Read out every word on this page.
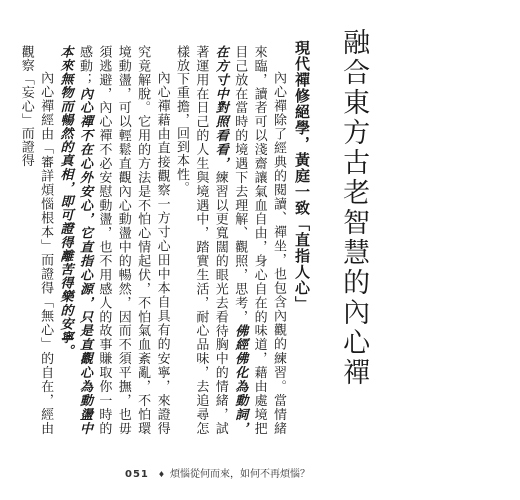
融合東方古老智慧的內心禪
現代禪修絕學，黃庭一致「直指人心」

內心禪除了經典的閱讀、禪坐，也包含內觀的練習。當情緒來臨，讀者可以淺齋讓氣血自由，身心自在的味道，藉由處境把目己放在當時的境遇下去理解、觀照，思考，佛經佛化為動詞，在方寸中對照看看，練習以更寬闊的眼光去看待胸中的情緒，試著運用在日己的人生與境遇中，踏實生活，耐心品味，去追尋怎樣放下重擔，回到本性。

內心禪藉由直接觀察一方寸心田中本自具有的安寧，來證得究竟解脫。它用的方法是不怕心情起伏，不怕氣血紊亂，不怕環境動盪，可以輕鬆直觀內心動盪中的暢然，因而不須平撫，也毋須逃避，內心禪不必安慰動盪，也不用感人的故事賺取你一時的感動；內心禪不在心外安心，它直指心源，只是直觀心為動盪中本來無物而暢然的真相，即可證得離苦得樂的安寧。

內心禪經由「審詳煩惱根本」而證得「無心」的自在，經由觀察「妄心」而證得

051 ♦ 煩惱從何而來，如何不再煩惱？
